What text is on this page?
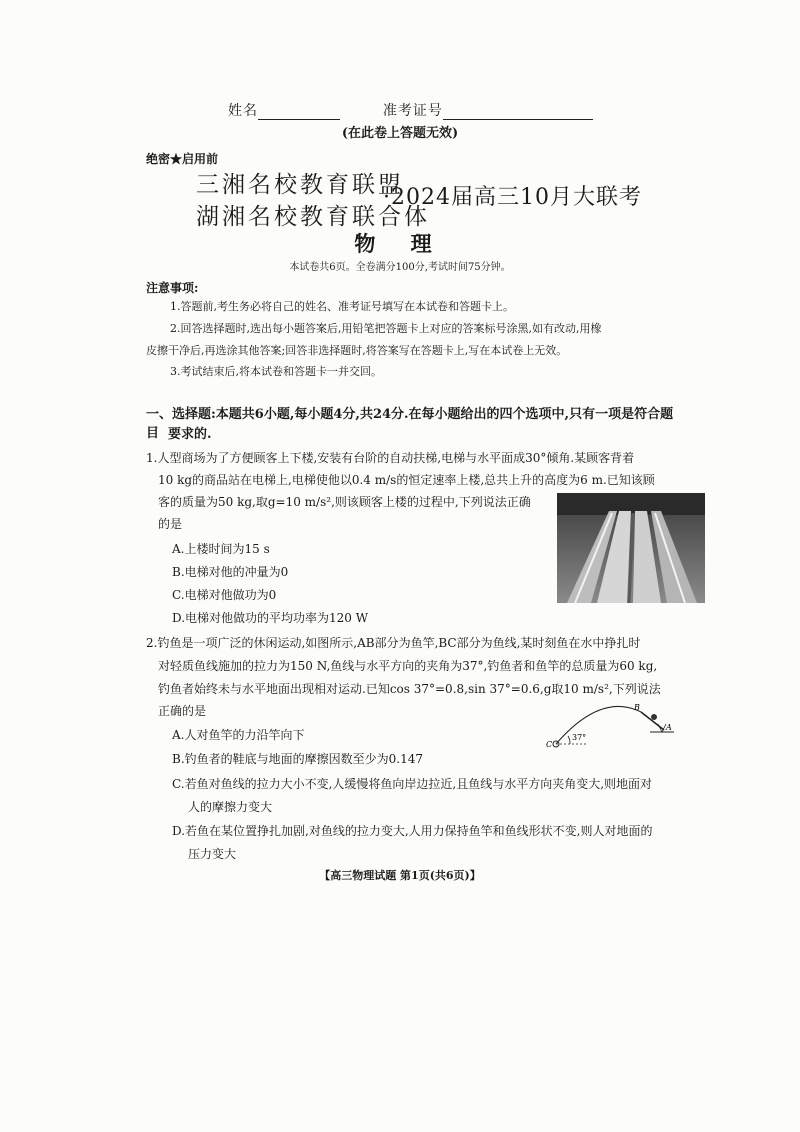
姓名	准考证号
(在此卷上答题无效)
绝密★启用前
三湘名校教育联盟
湖湘名校教育联合体
·2024届高三10月大联考
物 理
本试卷共6页。全卷满分100分,考试时间75分钟。
注意事项:
1.答题前,考生务必将自己的姓名、准考证号填写在本试卷和答题卡上。
2.回答选择题时,选出每小题答案后,用铅笔把答题卡上对应的答案标号涂黑,如有改动,用橡
皮擦干净后,再选涂其他答案;回答非选择题时,将答案写在答题卡上,写在本试卷上无效。
3.考试结束后,将本试卷和答题卡一并交回。
一、选择题:本题共6小题,每小题4分,共24分.在每小题给出的四个选项中,只有一项是符合题目 要求的.
1.人型商场为了方便顾客上下楼,安装有台阶的自动扶梯,电梯与水平面成30°倾角.某顾客背着
10 kg的商品站在电梯上,电梯使他以0.4 m/s的恒定速率上楼,总共上升的高度为6 m.已知该顾
客的质量为50 kg,取g=10 m/s²,则该顾客上楼的过程中,下列说法正确
的是
A.上楼时间为15 s
B.电梯对他的冲量为0
C.电梯对他做功为0
D.电梯对他做功的平均功率为120 W
2.钓鱼是一项广泛的休闲运动,如图所示,AB部分为鱼竿,BC部分为鱼线,某时刻鱼在水中挣扎时
对轻质鱼线施加的拉力为150 N,鱼线与水平方向的夹角为37°,钓鱼者和鱼竿的总质量为60 kg,
钓鱼者始终未与水平地面出现相对运动.已知cos 37°=0.8,sin 37°=0.6,g取10 m/s²,下列说法
正确的是
A.人对鱼竿的力沿竿向下
B.钓鱼者的鞋底与地面的摩擦因数至少为0.147
C.若鱼对鱼线的拉力大小不变,人缓慢将鱼向岸边拉近,且鱼线与水平方向夹角变大,则地面对
人的摩擦力变大
D.若鱼在某位置挣扎加剧,对鱼线的拉力变大,人用力保持鱼竿和鱼线形状不变,则人对地面的
压力变大
37°
B
A
C
【高三物理试题 第1页(共6页)】
